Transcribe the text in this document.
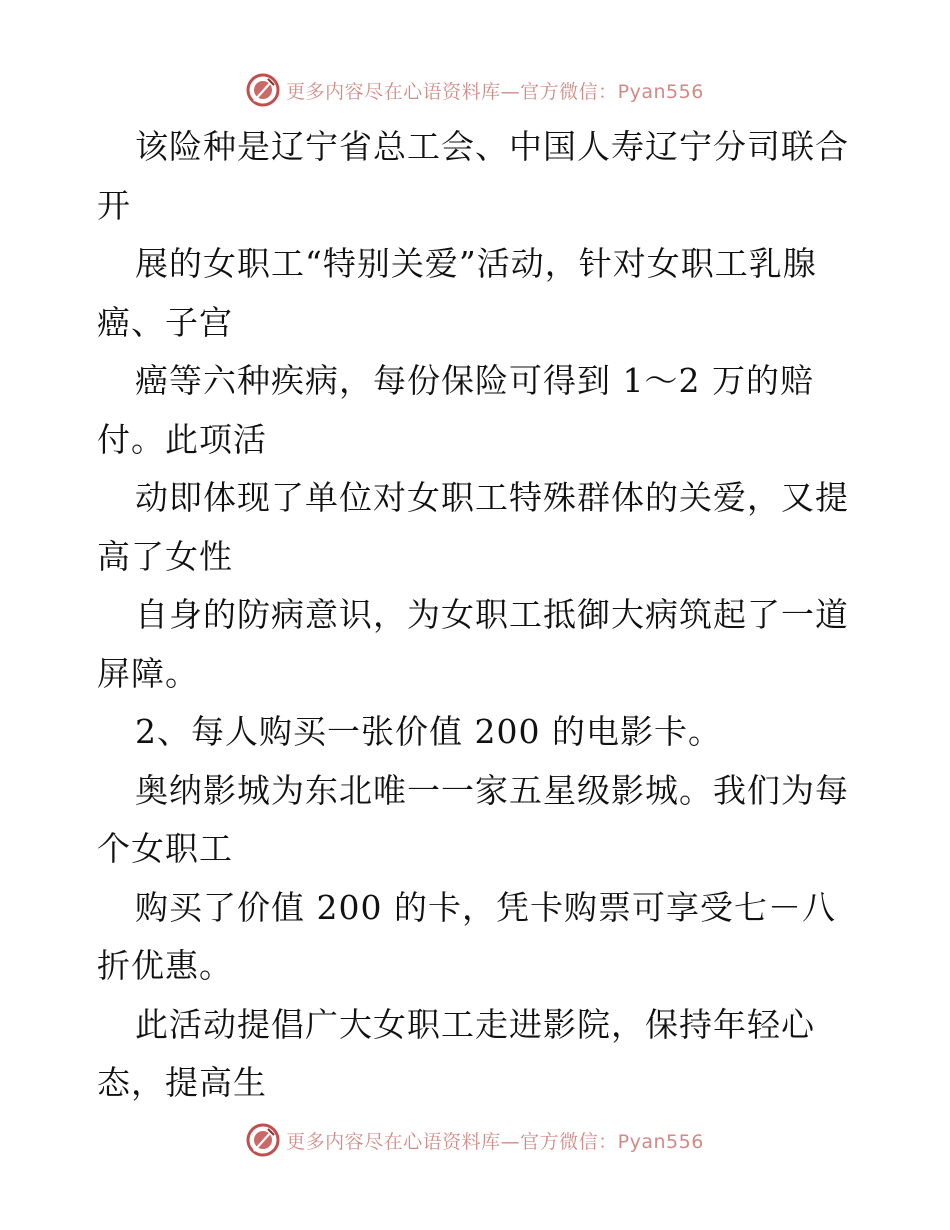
更多内容尽在心语资料库—官方微信：Pyan556
该险种是辽宁省总工会、中国人寿辽宁分司联合
开
展的女职工“特别关爱”活动，针对女职工乳腺
癌、子宫
癌等六种疾病，每份保险可得到 1～2 万的赔
付。此项活
动即体现了单位对女职工特殊群体的关爱，又提
高了女性
自身的防病意识，为女职工抵御大病筑起了一道
屏障。
2、每人购买一张价值 200 的电影卡。
奥纳影城为东北唯一一家五星级影城。我们为每
个女职工
购买了价值 200 的卡，凭卡购票可享受七－八
折优惠。
此活动提倡广大女职工走进影院，保持年轻心
态，提高生
更多内容尽在心语资料库—官方微信：Pyan556
